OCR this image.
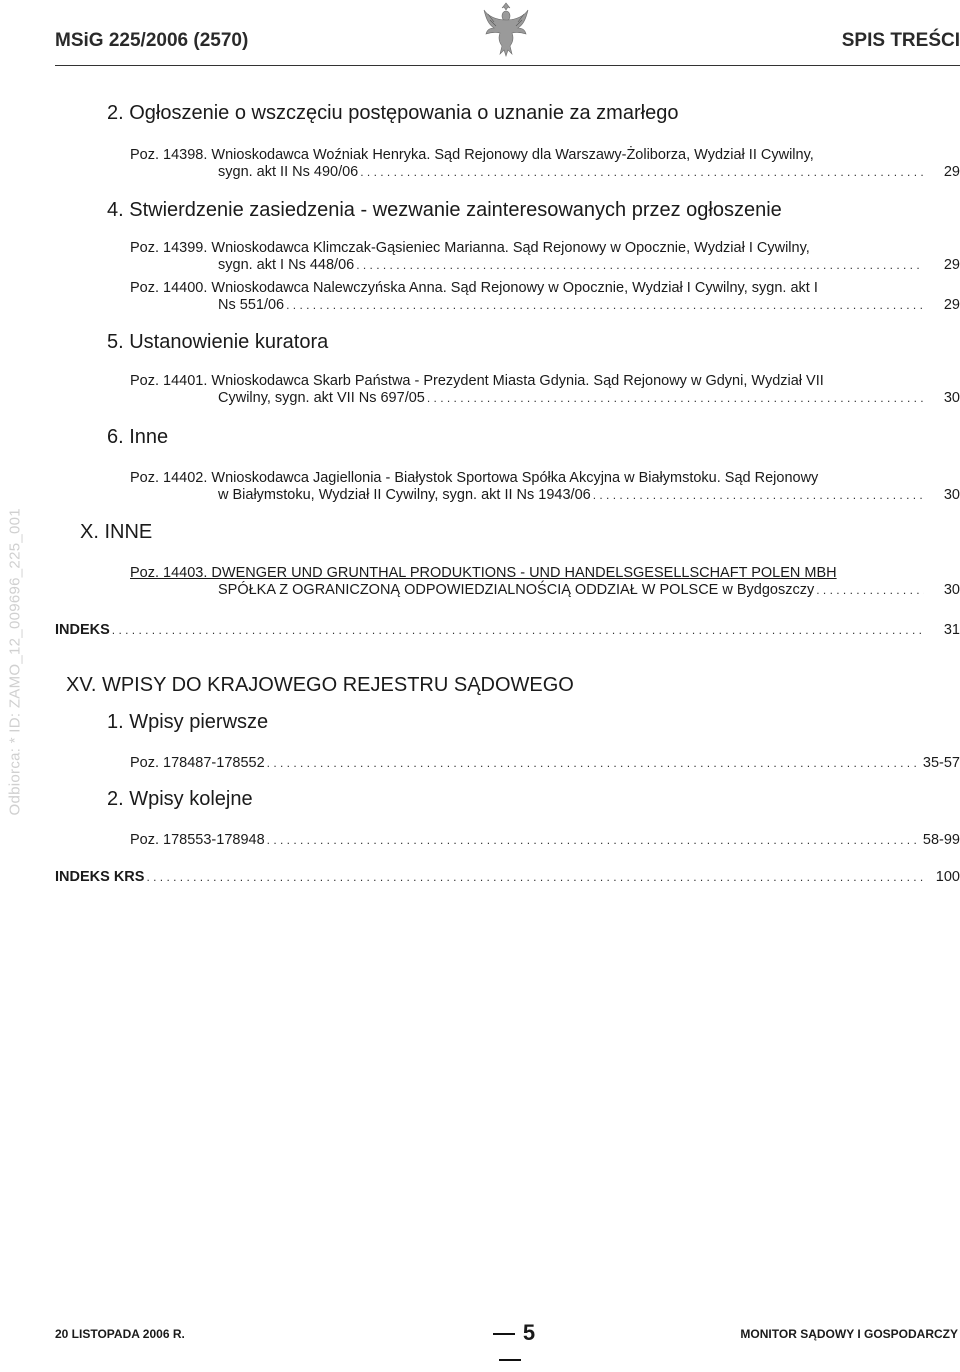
MSiG 225/2006 (2570)	SPIS TREŚCI
Odbiorca: * ID: ZAMO_12_009696_225_001
2. Ogłoszenie o wszczęciu postępowania o uznanie za zmarłego
Poz. 14398. Wnioskodawca Woźniak Henryka. Sąd Rejonowy dla Warszawy-Żoliborza, Wydział II Cywilny,
sygn. akt II Ns 490/06 . . .	29
4. Stwierdzenie zasiedzenia - wezwanie zainteresowanych przez ogłoszenie
Poz. 14399. Wnioskodawca Klimczak-Gąsieniec Marianna. Sąd Rejonowy w Opocznie, Wydział I Cywilny,
sygn. akt I Ns 448/06 . . .	29
Poz. 14400. Wnioskodawca Nalewczyńska Anna. Sąd Rejonowy w Opocznie, Wydział I Cywilny, sygn. akt I
Ns 551/06 . . .	29
5. Ustanowienie kuratora
Poz. 14401. Wnioskodawca Skarb Państwa - Prezydent Miasta Gdynia. Sąd Rejonowy w Gdyni, Wydział VII
Cywilny, sygn. akt VII Ns 697/05 . . .	30
6. Inne
Poz. 14402. Wnioskodawca Jagiellonia - Białystok Sportowa Spółka Akcyjna w Białymstoku. Sąd Rejonowy
w Białymstoku, Wydział II Cywilny, sygn. akt II Ns 1943/06 . . .	30
X. INNE
Poz. 14403. DWENGER UND GRUNTHAL PRODUKTIONS - UND HANDELSGESELLSCHAFT POLEN MBH
SPÓŁKA Z OGRANICZONĄ ODPOWIEDZIALNOŚCIĄ ODDZIAŁ W POLSCE w Bydgoszczy . . .	30
INDEKS . . .	31
XV. WPISY DO KRAJOWEGO REJESTRU SĄDOWEGO
1. Wpisy pierwsze
Poz. 178487-178552 . . .	35-57
2. Wpisy kolejne
Poz. 178553-178948 . . .	58-99
INDEKS KRS . . .	100
20 LISTOPADA 2006 R.	5	MONITOR SĄDOWY I GOSPODARCZY
